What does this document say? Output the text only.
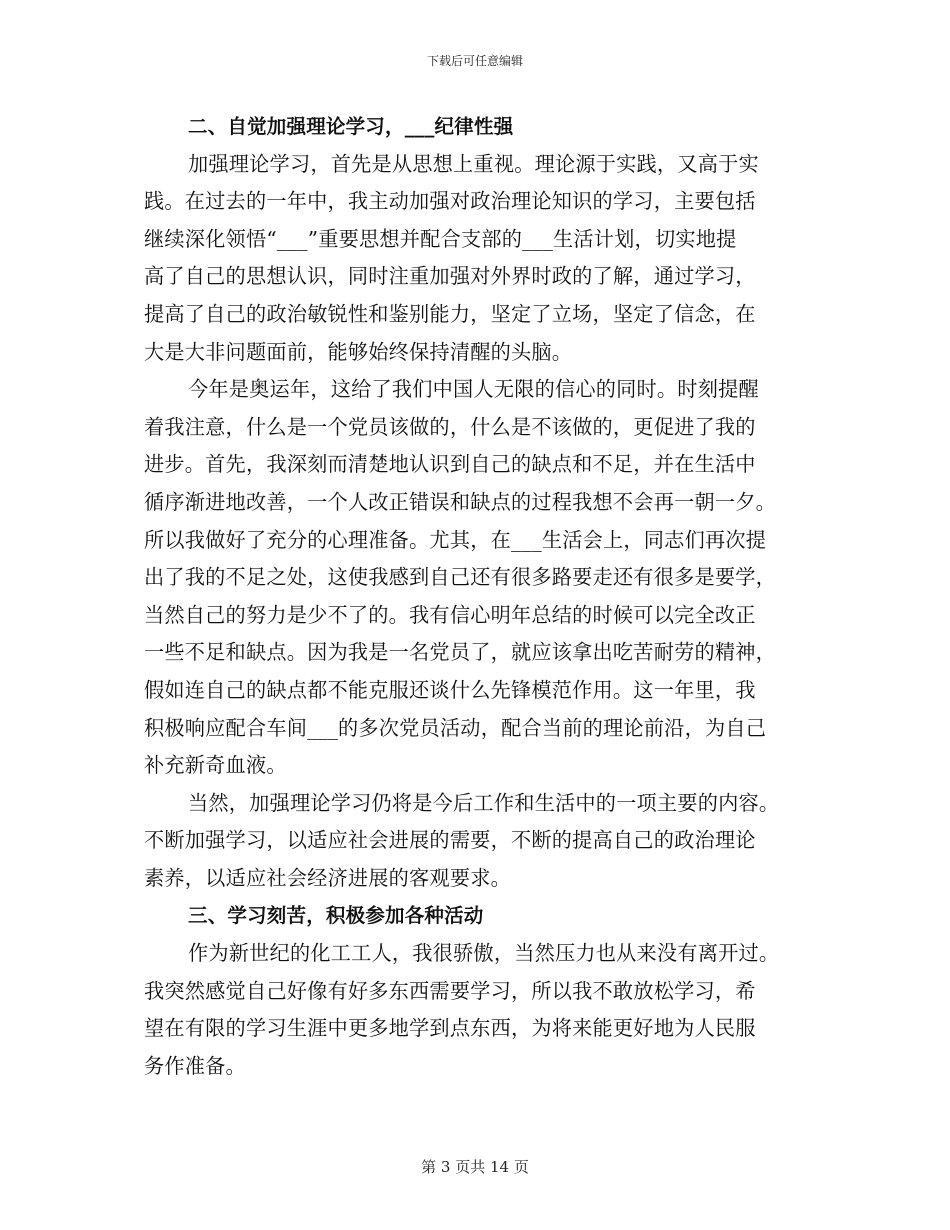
下载后可任意编辑
二、自觉加强理论学习，___纪律性强
加强理论学习，首先是从思想上重视。理论源于实践，又高于实
践。在过去的一年中，我主动加强对政治理论知识的学习，主要包括
继续深化领悟“___”重要思想并配合支部的___生活计划，切实地提
高了自己的思想认识，同时注重加强对外界时政的了解，通过学习，
提高了自己的政治敏锐性和鉴别能力，坚定了立场，坚定了信念，在
大是大非问题面前，能够始终保持清醒的头脑。
今年是奥运年，这给了我们中国人无限的信心的同时。时刻提醒
着我注意，什么是一个党员该做的，什么是不该做的，更促进了我的
进步。首先，我深刻而清楚地认识到自己的缺点和不足，并在生活中
循序渐进地改善，一个人改正错误和缺点的过程我想不会再一朝一夕。
所以我做好了充分的心理准备。尤其，在___生活会上，同志们再次提
出了我的不足之处，这使我感到自己还有很多路要走还有很多是要学，
当然自己的努力是少不了的。我有信心明年总结的时候可以完全改正
一些不足和缺点。因为我是一名党员了，就应该拿出吃苦耐劳的精神，
假如连自己的缺点都不能克服还谈什么先锋模范作用。这一年里，我
积极响应配合车间___的多次党员活动，配合当前的理论前沿，为自己
补充新奇血液。
当然，加强理论学习仍将是今后工作和生活中的一项主要的内容。
不断加强学习，以适应社会进展的需要，不断的提高自己的政治理论
素养，以适应社会经济进展的客观要求。
三、学习刻苦，积极参加各种活动
作为新世纪的化工工人，我很骄傲，当然压力也从来没有离开过。
我突然感觉自己好像有好多东西需要学习，所以我不敢放松学习，希
望在有限的学习生涯中更多地学到点东西，为将来能更好地为人民服
务作准备。
第 3 页共 14 页
